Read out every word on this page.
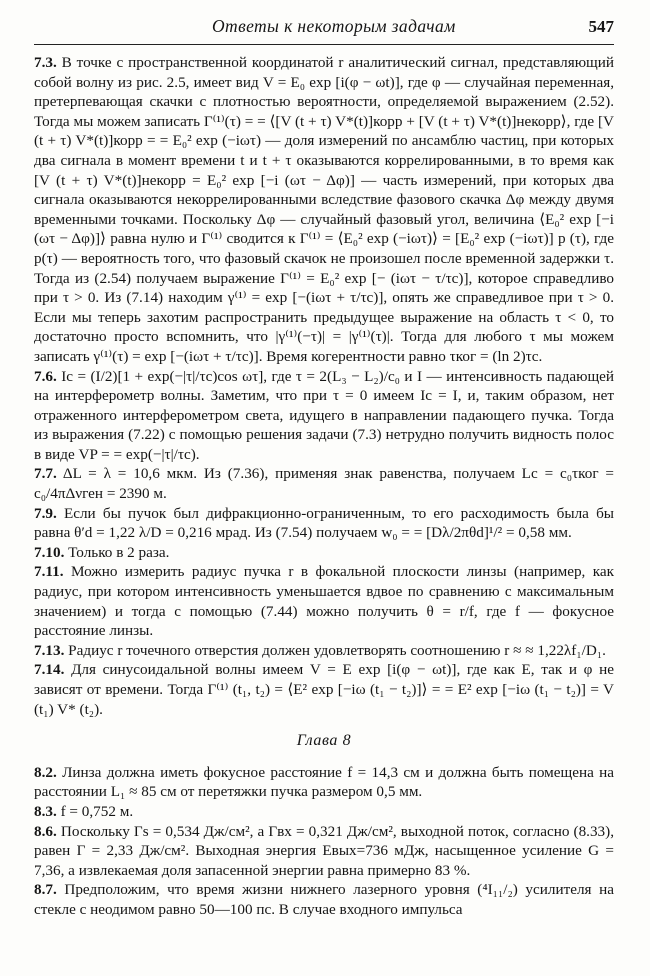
Ответы к некоторым задачам	547

7.3. В точке с пространственной координатой r аналитический сигнал, представляющий собой волну из рис. 2.5, имеет вид V = E₀ exp [i(φ − ωt)], где φ — случайная переменная, претерпевающая скачки с плотностью вероятности, определяемой выражением (2.52). Тогда мы можем записать Γ⁽¹⁾(τ) = = ⟨[V (t + τ) V*(t)]корр + [V (t + τ) V*(t)]некорр⟩, где [V (t + τ) V*(t)]корр = = E₀² exp (−iωτ) — доля измерений по ансамблю частиц, при которых два сигнала в момент времени t и t + τ оказываются коррелированными, в то время как [V (t + τ) V*(t)]некорр = E₀² exp [−i (ωτ − Δφ)] — часть измерений, при которых два сигнала оказываются некоррелированными вследствие фазового скачка Δφ между двумя временными точками. Поскольку Δφ — случайный фазовый угол, величина ⟨E₀² exp [−i (ωτ − Δφ)]⟩ равна нулю и Γ⁽¹⁾ сводится к Γ⁽¹⁾ = ⟨E₀² exp (−iωτ)⟩ = [E₀² exp (−iωτ)] p (τ), где p(τ) — вероятность того, что фазовый скачок не произошел после временной задержки τ. Тогда из (2.54) получаем выражение Γ⁽¹⁾ = E₀² exp [− (iωτ − τ/τc)], которое справедливо при τ > 0. Из (7.14) находим γ⁽¹⁾ = exp [−(iωτ + τ/τc)], опять же справедливое при τ > 0. Если мы теперь захотим распространить предыдущее выражение на область τ < 0, то достаточно просто вспомнить, что |γ⁽¹⁾(−τ)| = |γ⁽¹⁾(τ)|. Тогда для любого τ мы можем записать γ⁽¹⁾(τ) = exp [−(iωτ + τ/τc)]. Время когерентности равно τког = (ln 2)τc.

7.6. Ic = (I/2)[1 + exp(−|τ|/τc)cos ωτ], где τ = 2(L₃ − L₂)/c₀ и I — интенсивность падающей на интерферометр волны. Заметим, что при τ = 0 имеем Ic = I, и, таким образом, нет отраженного интерферометром света, идущего в направлении падающего пучка. Тогда из выражения (7.22) с помощью решения задачи (7.3) нетрудно получить видность полос в виде VP = = exp(−|τ|/τc).

7.7. ΔL = λ = 10,6 мкм. Из (7.36), применяя знак равенства, получаем Lc = c₀τког = c₀/4πΔνген = 2390 м.

7.9. Если бы пучок был дифракционно-ограниченным, то его расходимость была бы равна θ′d = 1,22 λ/D = 0,216 мрад. Из (7.54) получаем w₀ = = [Dλ/2πθd]¹/² = 0,58 мм.

7.10. Только в 2 раза.

7.11. Можно измерить радиус пучка r в фокальной плоскости линзы (например, как радиус, при котором интенсивность уменьшается вдвое по сравнению с максимальным значением) и тогда с помощью (7.44) можно получить θ = r/f, где f — фокусное расстояние линзы.

7.13. Радиус r точечного отверстия должен удовлетворять соотношению r ≈ ≈ 1,22λf₁/D₁.

7.14. Для синусоидальной волны имеем V = E exp [i(φ − ωt)], где как E, так и φ не зависят от времени. Тогда Γ⁽¹⁾ (t₁, t₂) = ⟨E² exp [−iω (t₁ − t₂)]⟩ = = E² exp [−iω (t₁ − t₂)] = V (t₁) V* (t₂).

Глава 8

8.2. Линза должна иметь фокусное расстояние f = 14,3 см и должна быть помещена на расстоянии L₁ ≈ 85 см от перетяжки пучка размером 0,5 мм.

8.3. f = 0,752 м.

8.6. Поскольку Γs = 0,534 Дж/см², а Γвх = 0,321 Дж/см², выходной поток, согласно (8.33), равен Γ = 2,33 Дж/см². Выходная энергия Eвых=736 мДж, насыщенное усиление G = 7,36, а извлекаемая доля запасенной энергии равна примерно 83 %.

8.7. Предположим, что время жизни нижнего лазерного уровня (⁴I₁₁/₂) усилителя на стекле с неодимом равно 50—100 пс. В случае входного импульса
